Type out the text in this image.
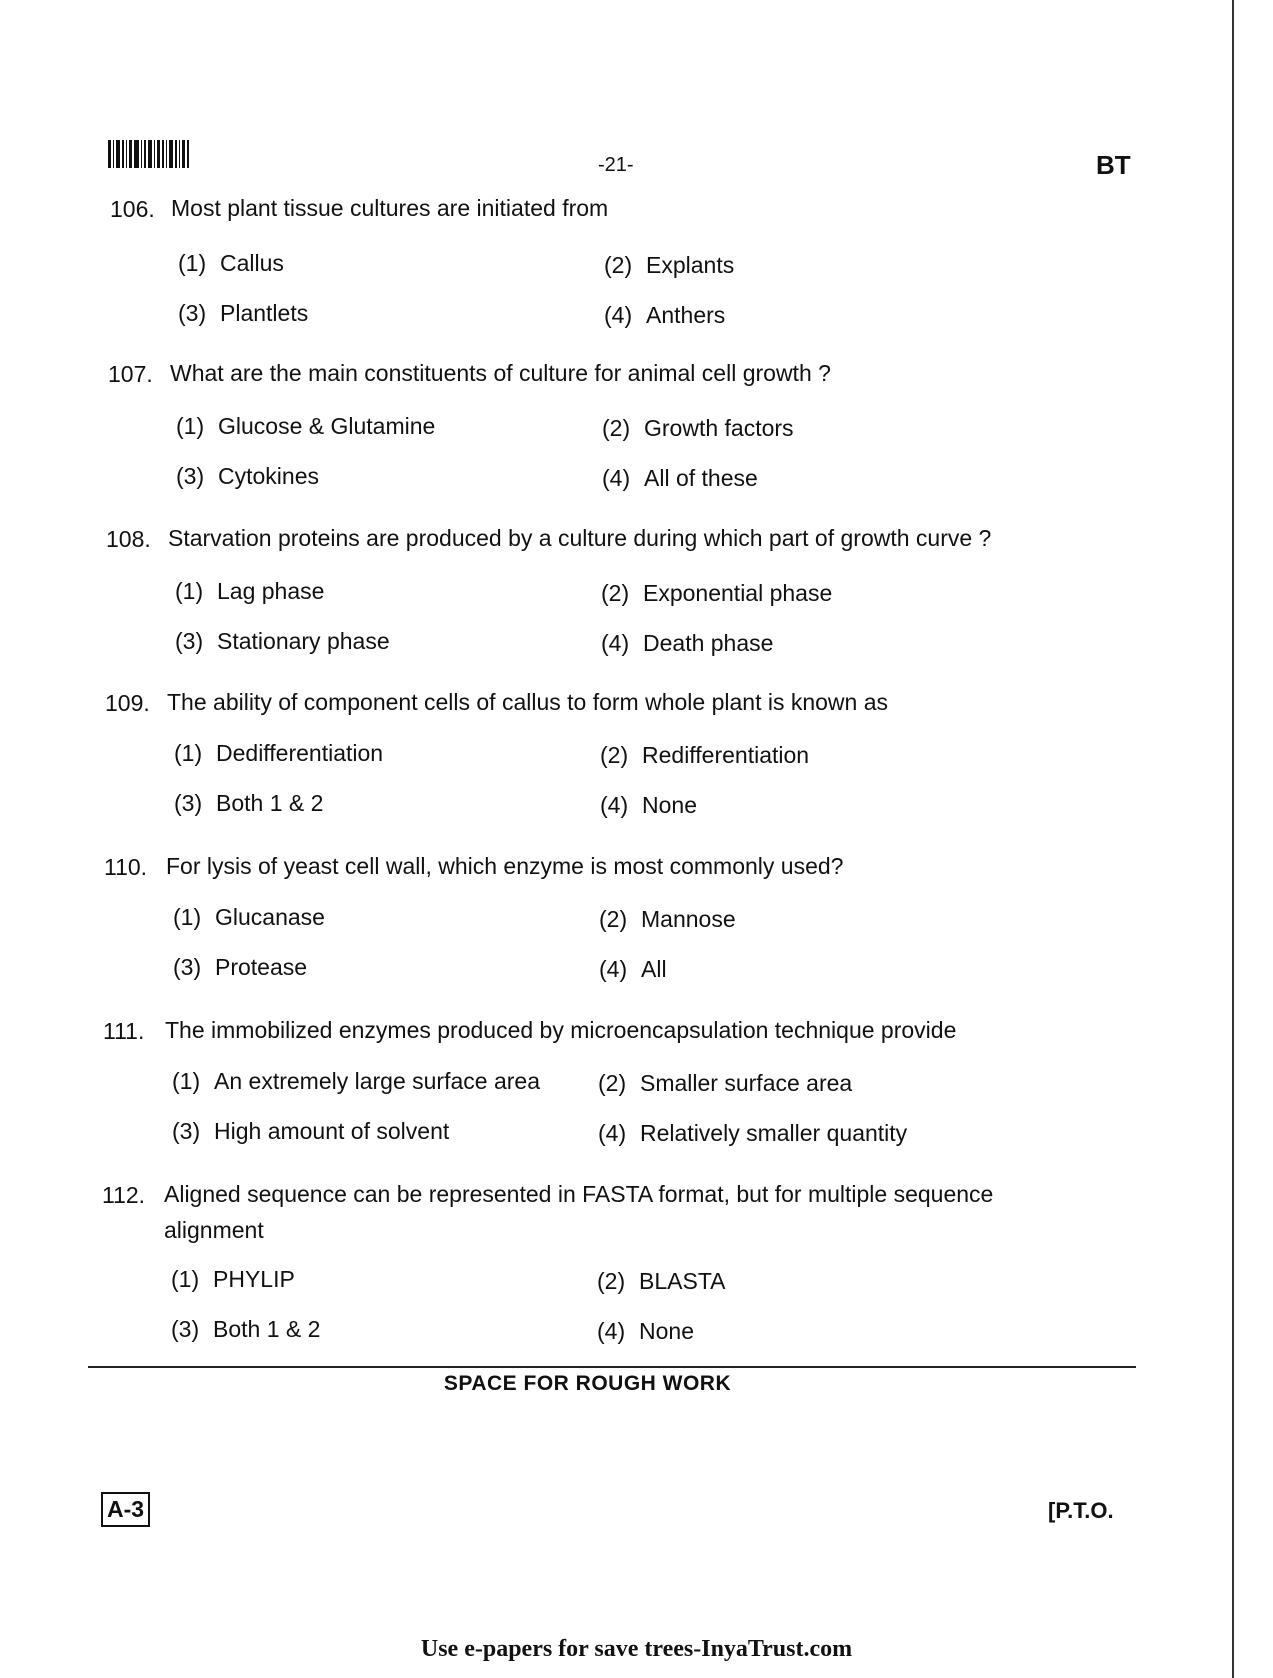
-21-	BT
106. Most plant tissue cultures are initiated from
(1) Callus	(2) Explants
(3) Plantlets	(4) Anthers
107. What are the main constituents of culture for animal cell growth ?
(1) Glucose & Glutamine	(2) Growth factors
(3) Cytokines	(4) All of these
108. Starvation proteins are produced by a culture during which part of growth curve ?
(1) Lag phase	(2) Exponential phase
(3) Stationary phase	(4) Death phase
109. The ability of component cells of callus to form whole plant is known as
(1) Dedifferentiation	(2) Redifferentiation
(3) Both 1 & 2	(4) None
110. For lysis of yeast cell wall, which enzyme is most commonly used?
(1) Glucanase	(2) Mannose
(3) Protease	(4) All
111. The immobilized enzymes produced by microencapsulation technique provide
(1) An extremely large surface area	(2) Smaller surface area
(3) High amount of solvent	(4) Relatively smaller quantity
112. Aligned sequence can be represented in FASTA format, but for multiple sequence alignment
(1) PHYLIP	(2) BLASTA
(3) Both 1 & 2	(4) None
SPACE FOR ROUGH WORK
A-3	[P.T.O.
Use e-papers for save trees-InyaTrust.com
